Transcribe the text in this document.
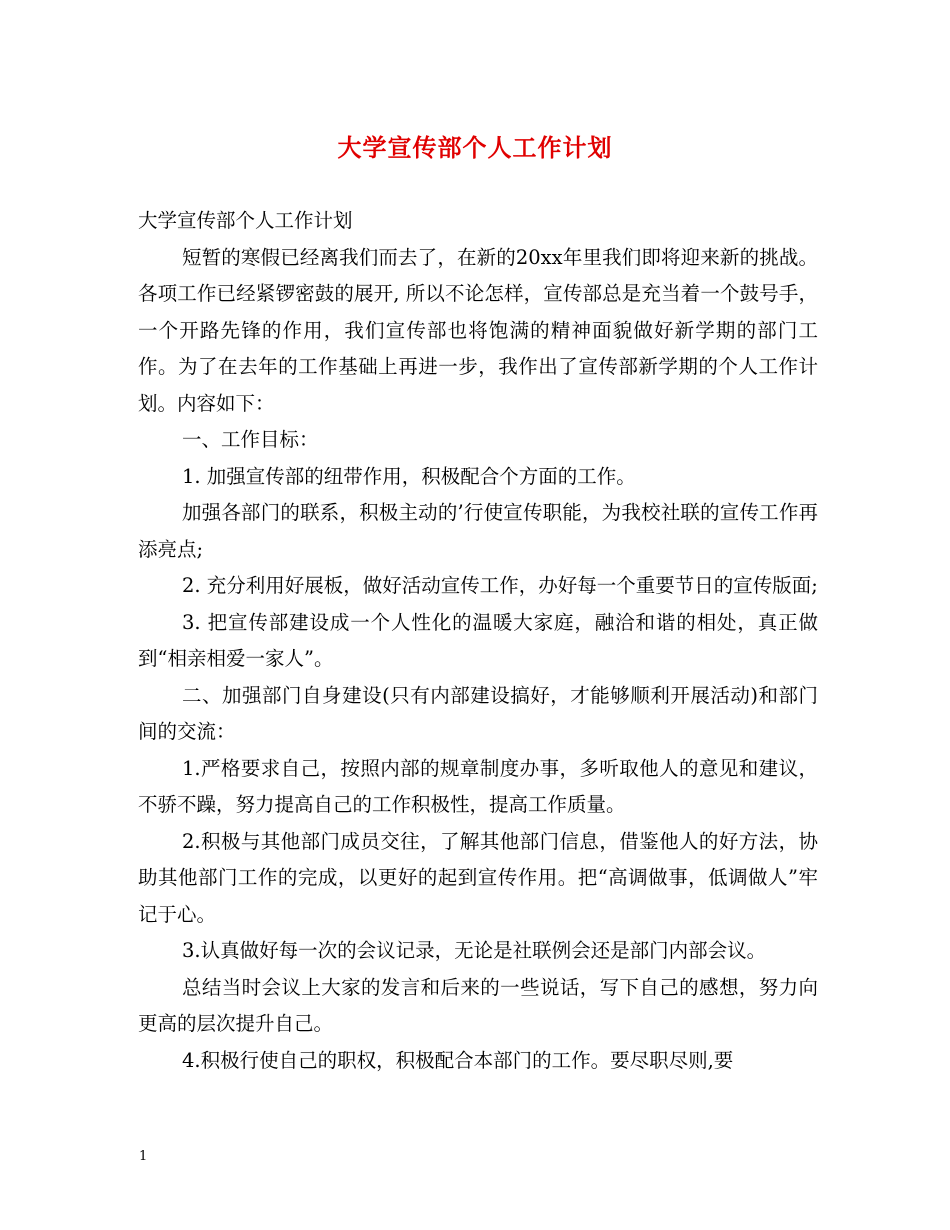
大学宣传部个人工作计划

大学宣传部个人工作计划

短暂的寒假已经离我们而去了，在新的20xx年里我们即将迎来新的挑战。各项工作已经紧锣密鼓的展开, 所以不论怎样，宣传部总是充当着一个鼓号手，一个开路先锋的作用，我们宣传部也将饱满的精神面貌做好新学期的部门工作。为了在去年的工作基础上再进一步，我作出了宣传部新学期的个人工作计划。内容如下：

一、工作目标：

1. 加强宣传部的纽带作用，积极配合个方面的工作。

加强各部门的联系，积极主动的’行使宣传职能，为我校社联的宣传工作再添亮点;

2. 充分利用好展板，做好活动宣传工作，办好每一个重要节日的宣传版面;

3. 把宣传部建设成一个人性化的温暖大家庭，融洽和谐的相处，真正做到“相亲相爱一家人”。

二、加强部门自身建设(只有内部建设搞好，才能够顺利开展活动)和部门间的交流：

1.严格要求自己，按照内部的规章制度办事，多听取他人的意见和建议，不骄不躁，努力提高自己的工作积极性，提高工作质量。

2.积极与其他部门成员交往，了解其他部门信息，借鉴他人的好方法，协助其他部门工作的完成，以更好的起到宣传作用。把“高调做事，低调做人”牢记于心。

3.认真做好每一次的会议记录，无论是社联例会还是部门内部会议。

总结当时会议上大家的发言和后来的一些说话，写下自己的感想，努力向更高的层次提升自己。

4.积极行使自己的职权，积极配合本部门的工作。要尽职尽则,要

1
